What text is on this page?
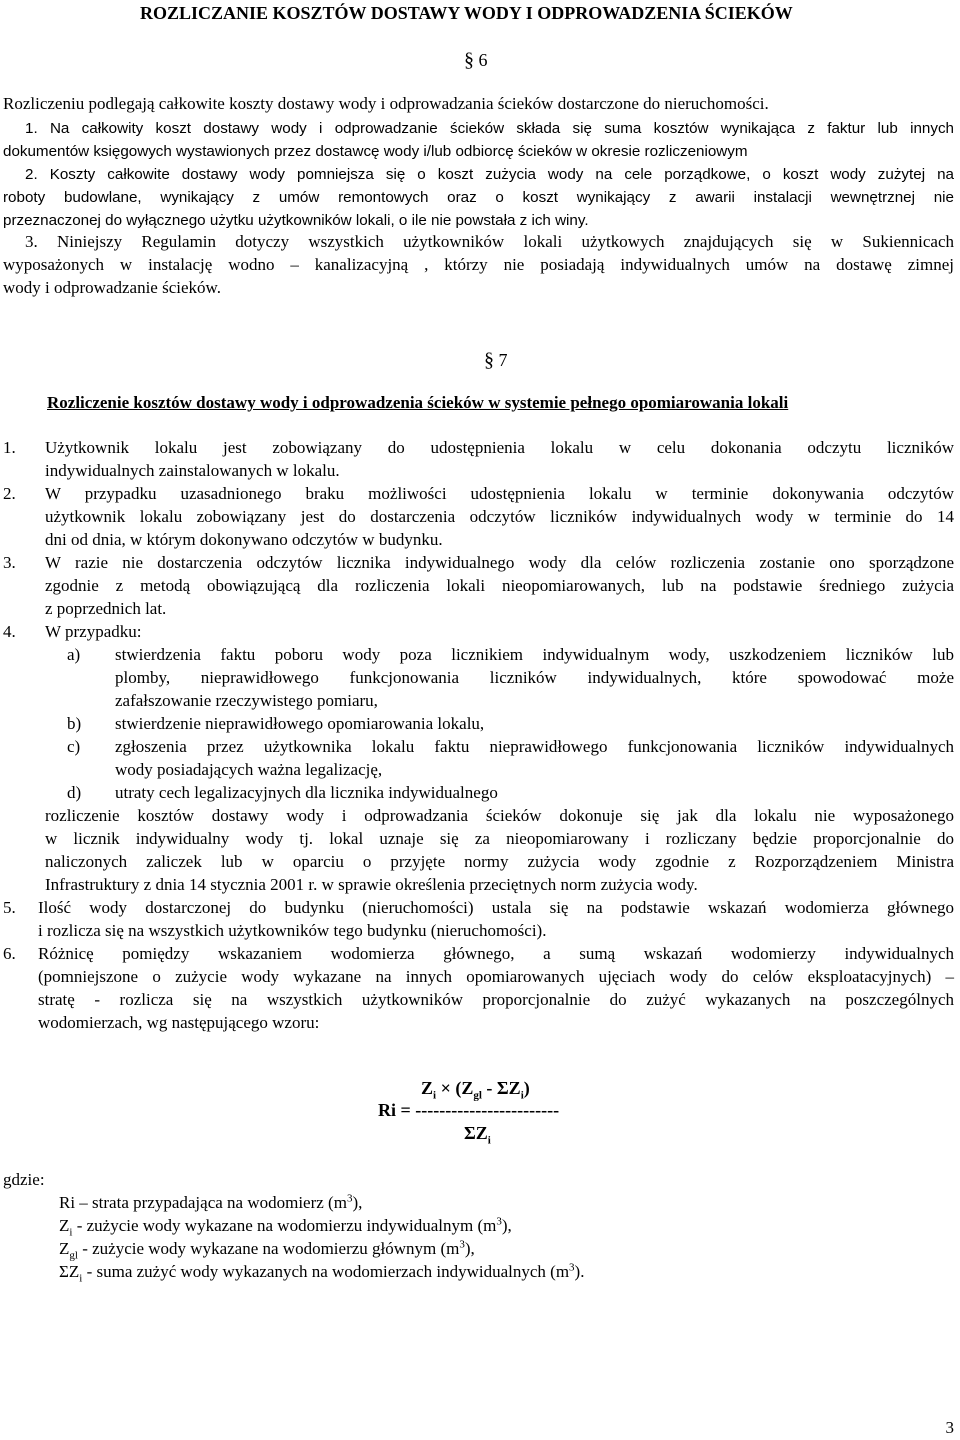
ROZLICZANIE KOSZTÓW DOSTAWY WODY I ODPROWADZENIA ŚCIEKÓW
§ 6
Rozliczeniu podlegają całkowite koszty dostawy wody i odprowadzania ścieków dostarczone do nieruchomości.
1. Na całkowity koszt dostawy wody i odprowadzanie ścieków składa się suma kosztów wynikająca z faktur lub innych
dokumentów księgowych wystawionych przez dostawcę wody i/lub odbiorcę ścieków w okresie rozliczeniowym
2. Koszty całkowite dostawy wody pomniejsza się o koszt zużycia wody na cele porządkowe, o koszt wody zużytej na
roboty budowlane, wynikający z umów remontowych oraz o koszt wynikający z awarii instalacji wewnętrznej nie
przeznaczonej do wyłącznego użytku użytkowników lokali, o ile nie powstała z ich winy.
3. Niniejszy Regulamin dotyczy wszystkich użytkowników lokali użytkowych znajdujących się w Sukiennicach
wyposażonych w instalację wodno – kanalizacyjną , którzy nie posiadają indywidualnych umów na dostawę zimnej
wody i odprowadzanie ścieków.
§ 7
Rozliczenie kosztów dostawy wody i odprowadzenia ścieków w systemie pełnego opomiarowania lokali
1. Użytkownik lokalu jest zobowiązany do udostępnienia lokalu w celu dokonania odczytu liczników
indywidualnych zainstalowanych w lokalu.
2. W przypadku uzasadnionego braku możliwości udostępnienia lokalu w terminie dokonywania odczytów
użytkownik lokalu zobowiązany jest do dostarczenia odczytów liczników indywidualnych wody w terminie do 14
dni od dnia, w którym dokonywano odczytów w budynku.
3. W razie nie dostarczenia odczytów licznika indywidualnego wody dla celów rozliczenia zostanie ono sporządzone
zgodnie z metodą obowiązującą dla rozliczenia lokali nieopomiarowanych, lub na podstawie średniego zużycia
z poprzednich lat.
4. W przypadku:
a) stwierdzenia faktu poboru wody poza licznikiem indywidualnym wody, uszkodzeniem liczników lub
plomby, nieprawidłowego funkcjonowania liczników indywidualnych, które spowodować może
zafałszowanie rzeczywistego pomiaru,
b) stwierdzenie nieprawidłowego opomiarowania lokalu,
c) zgłoszenia przez użytkownika lokalu faktu nieprawidłowego funkcjonowania liczników indywidualnych
wody posiadających ważna legalizację,
d) utraty cech legalizacyjnych dla licznika indywidualnego
rozliczenie kosztów dostawy wody i odprowadzania ścieków dokonuje się jak dla lokalu nie wyposażonego
w licznik indywidualny wody tj. lokal uznaje się za nieopomiarowany i rozliczany będzie proporcjonalnie do
naliczonych zaliczek lub w oparciu o przyjęte normy zużycia wody zgodnie z Rozporządzeniem Ministra
Infrastruktury z dnia 14 stycznia 2001 r. w sprawie określenia przeciętnych norm zużycia wody.
5. Ilość wody dostarczonej do budynku (nieruchomości) ustala się na podstawie wskazań wodomierza głównego
i rozlicza się na wszystkich użytkowników tego budynku (nieruchomości).
6. Różnicę pomiędzy wskazaniem wodomierza głównego, a sumą wskazań wodomierzy indywidualnych
(pomniejszone o zużycie wody wykazane na innych opomiarowanych ujęciach wody do celów eksploatacyjnych) –
stratę - rozlicza się na wszystkich użytkowników proporcjonalnie do zużyć wykazanych na poszczególnych
wodomierzach, wg następującego wzoru:
$Z_i \times (Z_{gl} - \Sigma Z_i)$
Ri = ------------------------
$\Sigma Z_i$
gdzie:
Ri – strata przypadająca na wodomierz $(m^3)$,
$Z_i$ - zużycie wody wykazane na wodomierzu indywidualnym $(m^3)$,
$Z_{gl}$ - zużycie wody wykazane na wodomierzu głównym $(m^3)$,
$\Sigma Z_i$ - suma zużyć wody wykazanych na wodomierzach indywidualnych $(m^3)$.
3
